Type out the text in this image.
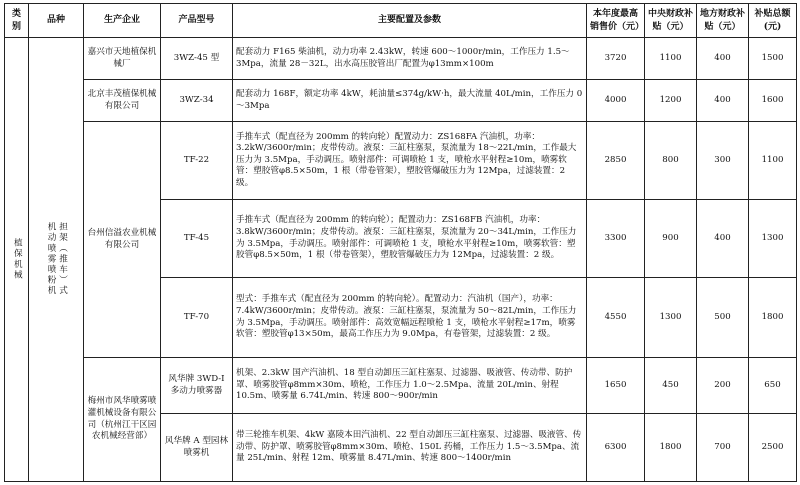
类别	品种	生产企业	产品型号	主要配置及参数	本年度最高销售价（元）	中央财政补贴（元）	地方财政补贴（元）	补贴总额(元)

植保机械	担架（推车）式机动喷雾喷粉机	嘉兴市天地植保机械厂	3WZ-45 型	配套动力 F165 柴油机，动力功率 2.43kW，转速 600～1000r/min，工作压力 1.5～3Mpa，流量 28－32L，出水高压胶管出厂配置为φ13mm×100m	3720	1100	400	1500
		北京丰茂植保机械有限公司	3WZ-34	配套动力 168F，额定功率 4kW，耗油量≤374g/kW·h，最大流量 40L/min，工作压力 0～3Mpa	4000	1200	400	1600
		台州信溢农业机械有限公司	TF-22	手推车式（配直径为 200mm 的转向轮）配置动力：ZS168FA 汽油机，功率：3.2kW/3600r/min；皮带传动。液泵：三缸柱塞泵，泵流量为 18～22L/min，工作最大压力为 3.5Mpa，手动调压。喷射部件：可调喷枪 1 支，喷枪水平射程≥10m，喷雾软管：塑胶管φ8.5×50m，1 根（带卷管架），塑胶管爆破压力为 12Mpa，过滤装置：2 级。	2850	800	300	1100
			TF-45	手推车式（配直径为 200mm 的转向轮）；配置动力：ZS168FB 汽油机，功率：3.8kW/3600r/min；皮带传动。液泵：三缸柱塞泵，泵流量为 20～34L/min，工作压力为 3.5Mpa，手动调压。喷射部件：可调喷枪 1 支，喷枪水平射程≥10m，喷雾软管：塑胶管φ8.5×50m，1 根（带卷管架），塑胶管爆破压力为 12Mpa，过滤装置：2 级。	3300	900	400	1300
			TF-70	型式：手推车式（配直径为 200mm 的转向轮）。配置动力：汽油机（国产），功率：7.4kW/3600r/min；皮带传动。液泵：三缸柱塞泵，泵流量为 50～82L/min，工作压力为 3.5Mpa，手动调压。喷射部件：高效宽幅远程喷枪 1 支，喷枪水平射程≥17m，喷雾软管：塑胶管φ13×50m，最高工作压力为 9.0Mpa，有卷管架，过滤装置：2 级。	4550	1300	500	1800
		梅州市风华喷雾喷灌机械设备有限公司（杭州江干区园农机械经营部）	风华牌 3WD-I 多动力喷雾器	机架、2.3kW 国产汽油机、18 型自动卸压三缸柱塞泵、过滤器、吸液管、传动带、防护罩、喷雾胶管φ8mm×30m、喷枪，工作压力 1.0～2.5Mpa、流量 20L/min、射程 10.5m、喷雾量 6.74L/min、转速 800～900r/min	1650	450	200	650
			风华牌 A 型园林喷雾机	带三轮推车机架、4kW 嘉陵本田汽油机、22 型自动卸压三缸柱塞泵、过滤器、吸液管、传动带、防护罩、喷雾胶管φ8mm×30m、喷枪、150L 药桶，工作压力 1.5～3.5Mpa、流量 25L/min、射程 12m、喷雾量 8.47L/min、转速 800～1400r/min	6300	1800	700	2500
